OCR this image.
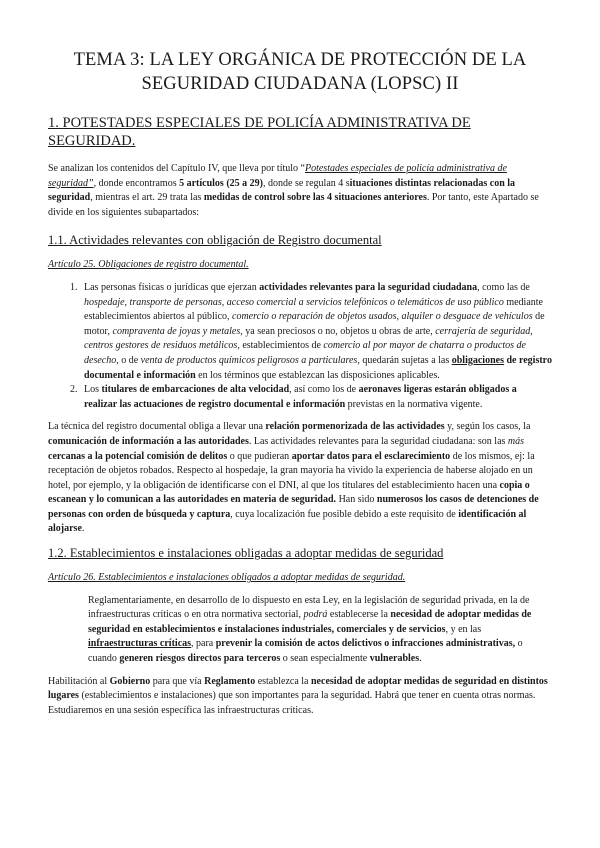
TEMA 3: LA LEY ORGÁNICA DE PROTECCIÓN DE LA
SEGURIDAD CIUDADANA (LOPSC) II
1. POTESTADES ESPECIALES DE POLICÍA ADMINISTRATIVA DE SEGURIDAD.

Se analizan los contenidos del Capítulo IV, que lleva por título “Potestades especiales de policía administrativa de seguridad”, donde encontramos 5 artículos (25 a 29), donde se regulan 4 situaciones distintas relacionadas con la seguridad, mientras el art. 29 trata las medidas de control sobre las 4 situaciones anteriores. Por tanto, este Apartado se divide en los siguientes subapartados:

1.1. Actividades relevantes con obligación de Registro documental

Artículo 25. Obligaciones de registro documental.

1. Las personas físicas o jurídicas que ejerzan actividades relevantes para la seguridad ciudadana, como las de hospedaje, transporte de personas, acceso comercial a servicios telefónicos o telemáticos de uso público mediante establecimientos abiertos al público, comercio o reparación de objetos usados, alquiler o desguace de vehículos de motor, compraventa de joyas y metales, ya sean preciosos o no, objetos u obras de arte, cerrajería de seguridad, centros gestores de residuos metálicos, establecimientos de comercio al por mayor de chatarra o productos de desecho, o de venta de productos químicos peligrosos a particulares, quedarán sujetas a las obligaciones de registro documental e información en los términos que establezcan las disposiciones aplicables.
2. Los titulares de embarcaciones de alta velocidad, así como los de aeronaves ligeras estarán obligados a realizar las actuaciones de registro documental e información previstas en la normativa vigente.

La técnica del registro documental obliga a llevar una relación pormenorizada de las actividades y, según los casos, la comunicación de información a las autoridades. Las actividades relevantes para la seguridad ciudadana: son las más cercanas a la potencial comisión de delitos o que pudieran aportar datos para el esclarecimiento de los mismos, ej: la receptación de objetos robados. Respecto al hospedaje, la gran mayoría ha vivido la experiencia de haberse alojado en un hotel, por ejemplo, y la obligación de identificarse con el DNI, al que los titulares del establecimiento hacen una copia o escanean y lo comunican a las autoridades en materia de seguridad. Han sido numerosos los casos de detenciones de personas con orden de búsqueda y captura, cuya localización fue posible debido a este requisito de identificación al alojarse.

1.2. Establecimientos e instalaciones obligadas a adoptar medidas de seguridad

Artículo 26. Establecimientos e instalaciones obligados a adoptar medidas de seguridad.

Reglamentariamente, en desarrollo de lo dispuesto en esta Ley, en la legislación de seguridad privada, en la de infraestructuras críticas o en otra normativa sectorial, podrá establecerse la necesidad de adoptar medidas de seguridad en establecimientos e instalaciones industriales, comerciales y de servicios, y en las infraestructuras críticas, para prevenir la comisión de actos delictivos o infracciones administrativas, o cuando generen riesgos directos para terceros o sean especialmente vulnerables.

Habilitación al Gobierno para que vía Reglamento establezca la necesidad de adoptar medidas de seguridad en distintos lugares (establecimientos e instalaciones) que son importantes para la seguridad. Habrá que tener en cuenta otras normas. Estudiaremos en una sesión específica las infraestructuras críticas.
